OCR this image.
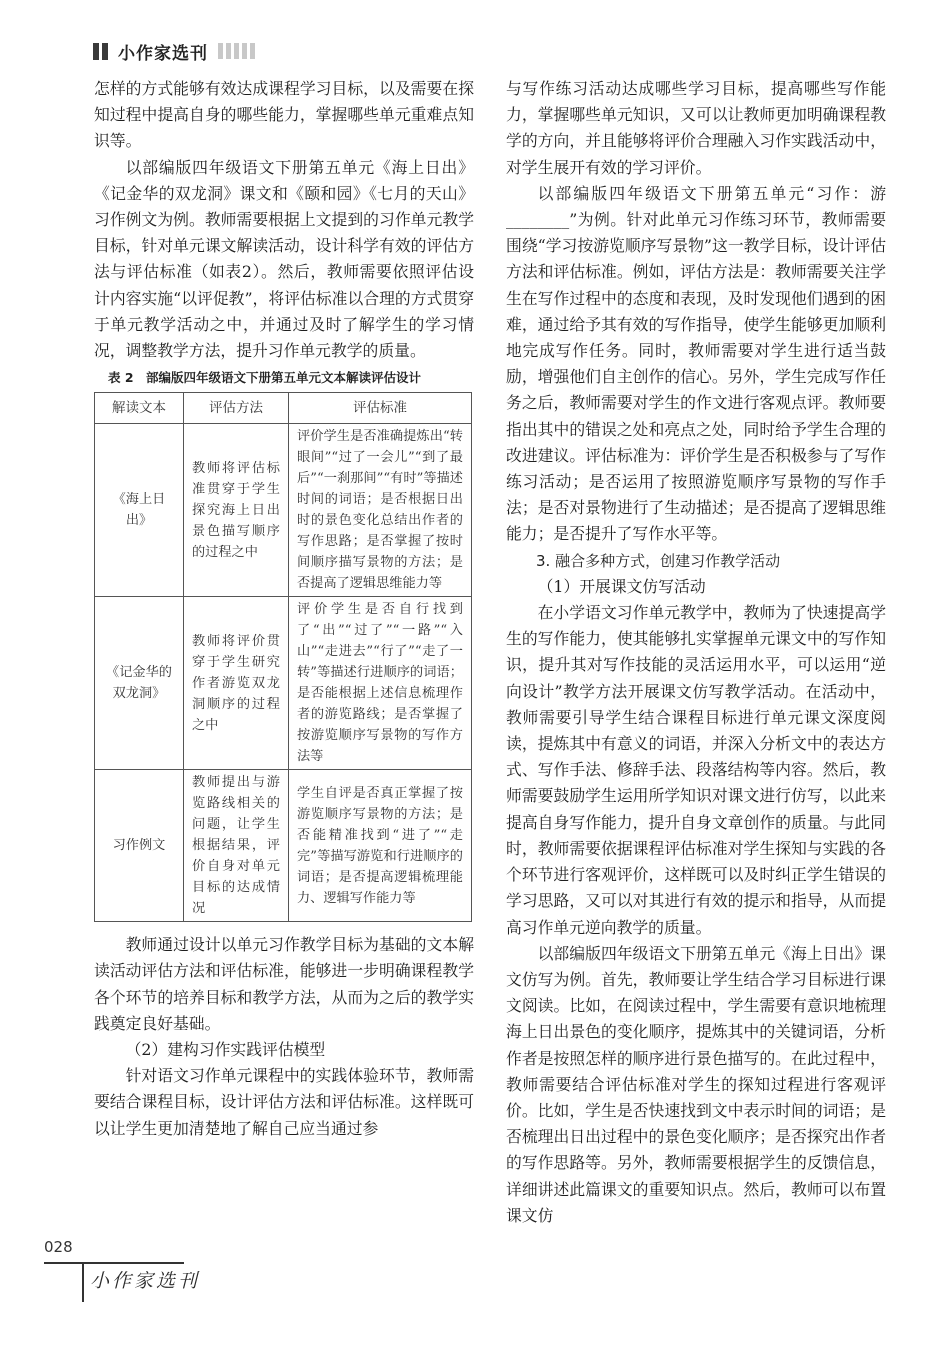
小作家选刊

怎样的方式能够有效达成课程学习目标，以及需要在探知过程中提高自身的哪些能力，掌握哪些单元重难点知识等。

以部编版四年级语文下册第五单元《海上日出》《记金华的双龙洞》课文和《颐和园》《七月的天山》习作例文为例。教师需要根据上文提到的习作单元教学目标，针对单元课文解读活动，设计科学有效的评估方法与评估标准（如表2）。然后，教师需要依照评估设计内容实施“以评促教”，将评估标准以合理的方式贯穿于单元教学活动之中，并通过及时了解学生的学习情况，调整教学方法，提升习作单元教学的质量。

表 2　部编版四年级语文下册第五单元文本解读评估设计
解读文本	评估方法	评估标准
《海上日出》	教师将评估标准贯穿于学生探究海上日出景色描写顺序的过程之中	评价学生是否准确提炼出“转眼间”“过了一会儿”“到了最后”“一刹那间”“有时”等描述时间的词语；是否根据日出时的景色变化总结出作者的写作思路；是否掌握了按时间顺序描写景物的方法；是否提高了逻辑思维能力等
《记金华的双龙洞》	教师将评价贯穿于学生研究作者游览双龙洞顺序的过程之中	评价学生是否自行找到了“出”“过了”“一路”“入山”“走进去”“行了”“走了一转”等描述行进顺序的词语；是否能根据上述信息梳理作者的游览路线；是否掌握了按游览顺序写景物的写作方法等
习作例文	教师提出与游览路线相关的问题，让学生根据结果，评价自身对单元目标的达成情况	学生自评是否真正掌握了按游览顺序写景物的方法；是否能精准找到“进了”“走完”等描写游览和行进顺序的词语；是否提高逻辑梳理能力、逻辑写作能力等

教师通过设计以单元习作教学目标为基础的文本解读活动评估方法和评估标准，能够进一步明确课程教学各个环节的培养目标和教学方法，从而为之后的教学实践奠定良好基础。

（2）建构习作实践评估模型

针对语文习作单元课程中的实践体验环节，教师需要结合课程目标，设计评估方法和评估标准。这样既可以让学生更加清楚地了解自己应当通过参

与写作练习活动达成哪些学习目标，提高哪些写作能力，掌握哪些单元知识，又可以让教师更加明确课程教学的方向，并且能够将评价合理融入习作实践活动中，对学生展开有效的学习评价。

以部编版四年级语文下册第五单元“习作：游________”为例。针对此单元习作练习环节，教师需要围绕“学习按游览顺序写景物”这一教学目标，设计评估方法和评估标准。例如，评估方法是：教师需要关注学生在写作过程中的态度和表现，及时发现他们遇到的困难，通过给予其有效的写作指导，使学生能够更加顺利地完成写作任务。同时，教师需要对学生进行适当鼓励，增强他们自主创作的信心。另外，学生完成写作任务之后，教师需要对学生的作文进行客观点评。教师要指出其中的错误之处和亮点之处，同时给予学生合理的改进建议。评估标准为：评价学生是否积极参与了写作练习活动；是否运用了按照游览顺序写景物的写作手法；是否对景物进行了生动描述；是否提高了逻辑思维能力；是否提升了写作水平等。

3. 融合多种方式，创建习作教学活动
（1）开展课文仿写活动

在小学语文习作单元教学中，教师为了快速提高学生的写作能力，使其能够扎实掌握单元课文中的写作知识，提升其对写作技能的灵活运用水平，可以运用“逆向设计”教学方法开展课文仿写教学活动。在活动中，教师需要引导学生结合课程目标进行单元课文深度阅读，提炼其中有意义的词语，并深入分析文中的表达方式、写作手法、修辞手法、段落结构等内容。然后，教师需要鼓励学生运用所学知识对课文进行仿写，以此来提高自身写作能力，提升自身文章创作的质量。与此同时，教师需要依据课程评估标准对学生探知与实践的各个环节进行客观评价，这样既可以及时纠正学生错误的学习思路，又可以对其进行有效的提示和指导，从而提高习作单元逆向教学的质量。

以部编版四年级语文下册第五单元《海上日出》课文仿写为例。首先，教师要让学生结合学习目标进行课文阅读。比如，在阅读过程中，学生需要有意识地梳理海上日出景色的变化顺序，提炼其中的关键词语，分析作者是按照怎样的顺序进行景色描写的。在此过程中，教师需要结合评估标准对学生的探知过程进行客观评价。比如，学生是否快速找到文中表示时间的词语；是否梳理出日出过程中的景色变化顺序；是否探究出作者的写作思路等。另外，教师需要根据学生的反馈信息，详细讲述此篇课文的重要知识点。然后，教师可以布置课文仿

028
小作家选刊
